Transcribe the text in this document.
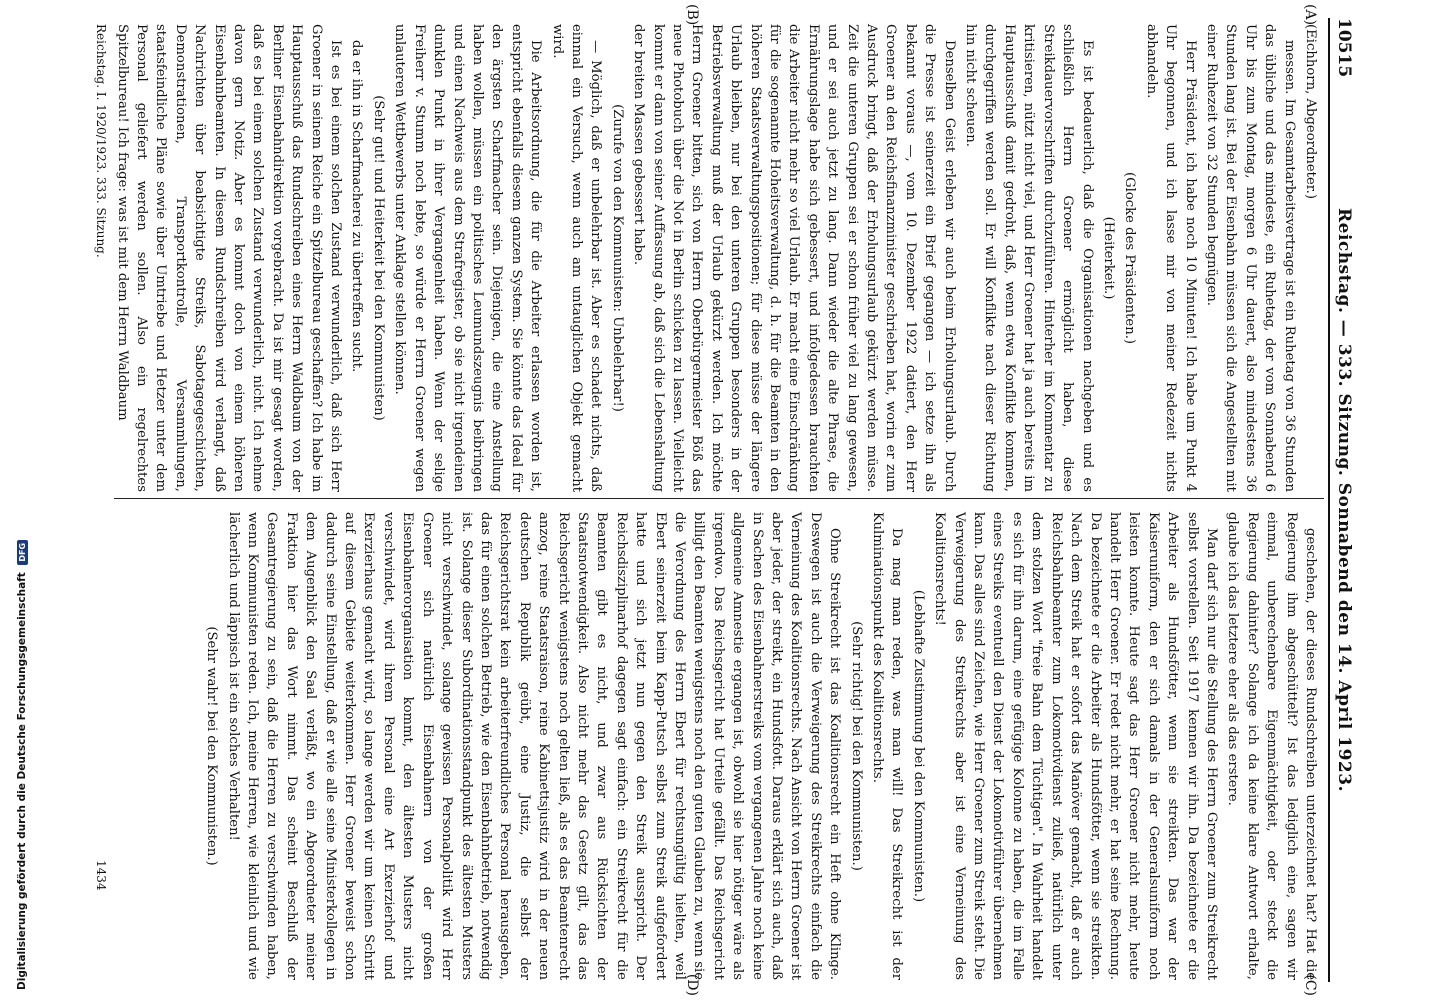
Digitalisierung gefördert durch die Deutsche Forschungsgemeinschaft DFG
10515
Reichstag. — 333. Sitzung. Sonnabend den 14. April 1923.
(A)
(B)
(C)
(D)

(Eichhorn, Abgeordneter.)

messen. Im Gesamtarbeitsvertrage ist ein Ruhetag von 36 Stunden das übliche und das mindeste, ein Ruhetag, der vom Sonnabend 6 Uhr bis zum Montag, morgen 6 Uhr dauert, also mindestens 36 Stunden lang ist. Bei der Eisenbahn müssen sich die Angestellten mit einer Ruhezeit von 32 Stunden begnügen.

Herr Präsident, ich habe noch 10 Minuten! Ich habe um Punkt 4 Uhr begonnen, und ich lasse mir von meiner Redezeit nichts abhandeln.

(Glocke des Präsidenten.)

(Heiterkeit.)

Es ist bedauerlich, daß die Organisationen nachgeben und es schließlich Herrn Groener ermöglicht haben, diese Streikdauervorschriften durchzuführen. Hinterher im Kommentar zu kritisieren, nützt nicht viel, und Herr Groener hat ja auch bereits im Hauptausschuß damit gedroht, daß, wenn etwa Konflikte kommen, durchgegriffen werden soll. Er will Konflikte nach dieser Richtung hin nicht scheuen.

Denselben Geist erleben wir auch beim Erholungsurlaub. Durch die Presse ist seinerzeit ein Brief gegangen — ich setze ihn als bekannt voraus —, vom 10. Dezember 1922 datiert, den Herr Groener an den Reichsfinanzminister geschrieben hat, worin er zum Ausdruck bringt, daß der Erholungsurlaub gekürzt werden müsse. Zeit die unteren Gruppen sei er schon früher viel zu lang gewesen, und er sei auch jetzt zu lang. Dann wieder die alte Phrase, die Ernährungslage habe sich gebessert, und infolgedessen brauchten die Arbeiter nicht mehr so viel Urlaub. Er macht eine Einschränkung für die sogenannte Hoheitsverwaltung, d. h. für die Beamten in den höheren Staatsverwaltungspositionen; für diese müsse der längere Urlaub bleiben, nur bei den unteren Gruppen besonders in der Betriebsverwaltung muß der Urlaub gekürzt werden. Ich möchte Herrn Groener bitten, sich von Herrn Oberbürgermeister Böß das neue Photobuch über die Not in Berlin schicken zu lassen. Vielleicht kommt er dann von seiner Auffassung ab, daß sich die Lebenshaltung der breiten Massen gebessert habe.

(Zurufe von den Kommunisten: Unbelehrbar!)

— Möglich, daß er unbelehrbar ist. Aber es schadet nichts, daß einmal ein Versuch, wenn auch am untauglichen Objekt gemacht wird.

Die Arbeitsordnung, die für die Arbeiter erlassen worden ist, entspricht ebenfalls diesem ganzen System. Sie könnte das Ideal für den ärgsten Scharfmacher sein. Diejenigen, die eine Anstellung haben wollen, müssen ein politisches Leumundszeugnis beibringen und einen Nachweis aus dem Strafregister, ob sie nicht irgendeinen dunklen Punkt in ihrer Vergangenheit haben. Wenn der selige Freiherr v. Stumm noch lebte, so würde er Herrn Groener wegen unlauteren Wettbewerbs unter Anklage stellen können.

(Sehr gut! und Heiterkeit bei den Kommunisten)

da er ihn in Scharfmacherei zu übertreffen sucht.

Ist es bei einem solchen Zustand verwunderlich, daß sich Herr Groener in seinem Reiche ein Spitzelbureau geschaffen? Ich habe im Hauptausschuß das Rundschreiben eines Herrn Waldbaum von der Berliner Eisenbahndirektion vorgebracht. Da ist mir gesagt worden, daß es bei einem solchen Zustand verwunderlich, nicht. Ich nehme davon gern Notiz. Aber es kommt doch von einem höheren Eisenbahnbeamten. In diesem Rundschreiben wird verlangt, daß Nachrichten über beabsichtigte Streiks, Sabotagegeschichten, Demonstrationen, Transportkontrolle, Versammlungen, staatsfeindliche Pläne sowie über Umtriebe und Hetzer unter dem Personal geliefert werden sollen. Also ein regelrechtes Spitzelbureau! Ich frage: was ist mit dem Herrn Waldbaum

geschehen, der dieses Rundschreiben unterzeichnet hat? Hat die Regierung ihm abgeschüttelt? Ist das lediglich eine, sagen wir einmal, unberechenbare Eigenmächtigkeit, oder steckt die Regierung dahinter? Solange ich da keine klare Antwort erhalte, glaube ich das letztere eher als das erstere.

Man darf sich nur die Stellung des Herrn Groener zum Streikrecht selbst vorstellen. Seit 1917 kennen wir ihn. Da bezeichnete er die Arbeiter als Hundsfötter, wenn sie streikten. Das war der Kaiseruniform, den er sich damals in der Generalsuniform noch leisten konnte. Heute sagt das Herr Groener nicht mehr, heute handelt Herr Groener. Er redet nicht mehr, er hat seine Rechnung. Da bezeichnete er die Arbeiter als Hundsfötter, wenn sie streikten. Nach dem Streik hat er sofort das Manöver gemacht, daß er auch Reichsbahnbeamter zum Lokomotivdienst zuließ, natürlich unter dem stolzen Wort "freie Bahn dem Tüchtigen". In Wahrheit handelt es sich für ihn darum, eine gefügige Kolonne zu haben, die im Falle eines Streiks eventuell den Dienst der Lokomotivführer übernehmen kann. Das alles sind Zeichen, wie Herr Groener zum Streik steht. Die Verweigerung des Streikrechts aber ist eine Verneinung des Koalitionsrechts!

(Lebhafte Zustimmung bei den Kommunisten.)

Da mag man reden, was man will! Das Streikrecht ist der Kulminationspunkt des Koalitionsrechts.

(Sehr richtig! bei den Kommunisten.)

Ohne Streikrecht ist das Koalitionsrecht ein Heft ohne Klinge. Deswegen ist auch die Verweigerung des Streikrechts einfach die Verneinung des Koalitionsrechts. Nach Ansicht von Herrn Groener ist aber jeder, der streikt, ein Hundsfott. Daraus erklärt sich auch, daß in Sachen des Eisenbahnerstreiks vom vergangenen Jahre noch keine allgemeine Amnestie ergangen ist, obwohl sie hier nötiger wäre als irgendwo. Das Reichsgericht hat Urteile gefällt. Das Reichsgericht billigt den Beamten wenigstens noch den guten Glauben zu, wenn sie die Verordnung des Herrn Ebert für rechtsungültig hielten, weil Ebert seinerzeit beim Kapp-Putsch selbst zum Streik aufgefordert hatte und sich jetzt nun gegen den Streik ausspricht. Der Reichsdisziplinarhof dagegen sagt einfach: ein Streikrecht für die Beamten gibt es nicht, und zwar aus Rücksichten der Staatsnotwendigkeit. Also nicht mehr das Gesetz gilt, das das Reichsgericht wenigstens noch gelten ließ, als es das Beamtenrecht anzog, reine Staatsraison, reine Kabinettsjustiz wird in der neuen deutschen Republik geübt, eine Justiz, die selbst der Reichsgerichtsrat kein arbeiterfreundliches Personal herausgeben, das für einen solchen Betrieb, wie den Eisenbahnbetrieb, notwendig ist. Solange dieser Subordinationsstandpunkt des ältesten Musters nicht verschwindet, solange gewissen Personalpolitik wird Herr Groener sich natürlich Eisenbahnern von der großen Eisenbahnerorganisation kommt, den ältesten Musters nicht verschwindet, wird ihrem Personal eine Art Exerzierhof und Exerzierhaus gemacht wird, so lange werden wir um keinen Schritt auf diesem Gebiete weiterkommen. Herr Groener beweist schon dadurch seine Einstellung, daß er wie alle seine Ministerkollegen in dem Augenblick den Saal verläßt, wo ein Abgeordneter meiner Fraktion hier das Wort nimmt. Das scheint Beschluß der Gesamtregierung zu sein, daß die Herren zu verschwinden haben, wenn Kommunisten reden. Ich, meine Herren, wie kleinlich und wie lächerlich und läppisch ist ein solches Verhalten!

(Sehr wahr! bei den Kommunisten.)

Reichstag. I. 1920/1923. 333. Sitzung.
1434
